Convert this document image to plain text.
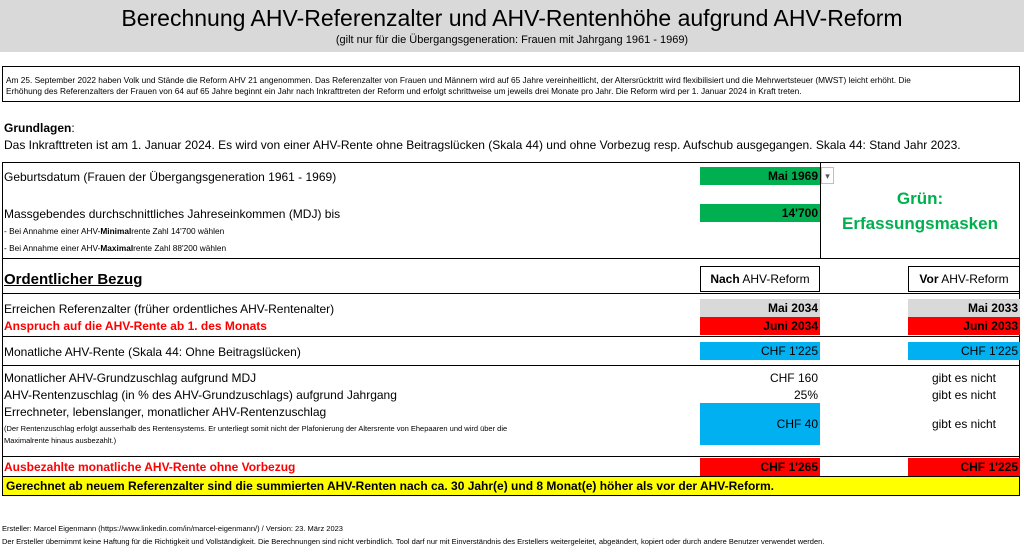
Berechnung AHV-Referenzalter und AHV-Rentenhöhe aufgrund AHV-Reform
(gilt nur für die Übergangsgeneration: Frauen mit Jahrgang 1961 - 1969)
Am 25. September 2022 haben Volk und Stände die Reform AHV 21 angenommen. Das Referenzalter von Frauen und Männern wird auf 65 Jahre vereinheitlicht, der Altersrücktritt wird flexibilisiert und die Mehrwertsteuer (MWST) leicht erhöht. Die
Erhöhung des Referenzalters der Frauen von 64 auf 65 Jahre beginnt ein Jahr nach Inkrafttreten der Reform und erfolgt schrittweise um jeweils drei Monate pro Jahr. Die Reform wird per 1. Januar 2024 in Kraft treten.
Grundlagen:
Das Inkrafttreten ist am 1. Januar 2024. Es wird von einer AHV-Rente ohne Beitragslücken (Skala 44) und ohne Vorbezug resp. Aufschub ausgegangen. Skala 44: Stand Jahr 2023.
Geburtsdatum (Frauen der Übergangsgeneration 1961 - 1969)	Mai 1969 ▾
Massgebendes durchschnittliches Jahreseinkommen (MDJ) bis	14'700
- Bei Annahme einer AHV-Minimalrente Zahl 14'700 wählen
- Bei Annahme einer AHV-Maximalrente Zahl 88'200 wählen
Grün:
Erfassungsmasken
Ordentlicher Bezug	Nach AHV-Reform	Vor AHV-Reform
Erreichen Referenzalter (früher ordentliches AHV-Rentenalter)	Mai 2034	Mai 2033
Anspruch auf die AHV-Rente ab 1. des Monats	Juni 2034	Juni 2033
Monatliche AHV-Rente (Skala 44: Ohne Beitragslücken)	CHF 1'225	CHF 1'225
Monatlicher AHV-Grundzuschlag aufgrund MDJ	CHF 160	gibt es nicht
AHV-Rentenzuschlag (in % des AHV-Grundzuschlags) aufgrund Jahrgang	25%	gibt es nicht
Errechneter, lebenslanger, monatlicher AHV-Rentenzuschlag
(Der Rentenzuschlag erfolgt ausserhalb des Rentensystems. Er unterliegt somit nicht der Plafonierung der Altersrente von Ehepaaren und wird über die
Maximalrente hinaus ausbezahlt.)
CHF 40	gibt es nicht
Ausbezahlte monatliche AHV-Rente ohne Vorbezug	CHF 1'265	CHF 1'225
Gerechnet ab neuem Referenzalter sind die summierten AHV-Renten nach ca. 30 Jahr(e) und 8 Monat(e) höher als vor der AHV-Reform.
Ersteller: Marcel Eigenmann (https://www.linkedin.com/in/marcel-eigenmann/) / Version: 23. März 2023
Der Ersteller übernimmt keine Haftung für die Richtigkeit und Vollständigkeit. Die Berechnungen sind nicht verbindlich. Tool darf nur mit Einverständnis des Erstellers weitergeleitet, abgeändert, kopiert oder durch andere Benutzer verwendet werden.
